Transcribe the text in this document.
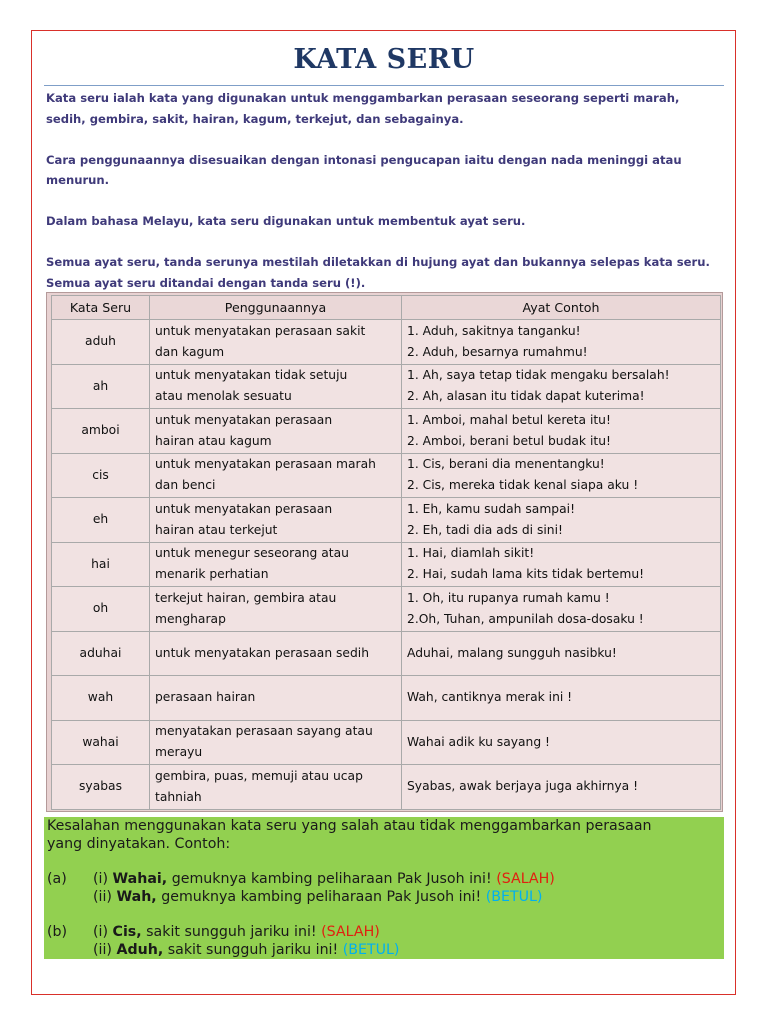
KATA SERU

Kata seru ialah kata yang digunakan untuk menggambarkan perasaan seseorang seperti marah, sedih, gembira, sakit, hairan, kagum, terkejut, dan sebagainya.

Cara penggunaannya disesuaikan dengan intonasi pengucapan iaitu dengan nada meninggi atau menurun.

Dalam bahasa Melayu, kata seru digunakan untuk membentuk ayat seru.

Semua ayat seru, tanda serunya mestilah diletakkan di hujung ayat dan bukannya selepas kata seru. Semua ayat seru ditandai dengan tanda seru (!).

Kata Seru	Penggunaannya	Ayat Contoh
aduh	untuk menyatakan perasaan sakit
dan kagum	1. Aduh, sakitnya tanganku!
2. Aduh, besarnya rumahmu!

ah	untuk menyatakan tidak setuju
atau menolak sesuatu	1. Ah, saya tetap tidak mengaku bersalah!
2. Ah, alasan itu tidak dapat kuterima!

amboi	untuk menyatakan perasaan
hairan atau kagum	1. Amboi, mahal betul kereta itu!
2. Amboi, berani betul budak itu!

cis	untuk menyatakan perasaan marah
dan benci	1. Cis, berani dia menentangku!
2. Cis, mereka tidak kenal siapa aku !

eh	untuk menyatakan perasaan
hairan atau terkejut	1. Eh, kamu sudah sampai!
2. Eh, tadi dia ads di sini!

hai	untuk menegur seseorang atau
menarik perhatian	1. Hai, diamlah sikit!
2. Hai, sudah lama kits tidak bertemu!

oh	terkejut hairan, gembira atau
mengharap	1. Oh, itu rupanya rumah kamu !
2.Oh, Tuhan, ampunilah dosa-dosaku !

aduhai	untuk menyatakan perasaan sedih	Aduhai, malang sungguh nasibku!

wah	perasaan hairan	Wah, cantiknya merak ini !

wahai	menyatakan perasaan sayang atau
merayu	Wahai adik ku sayang !

syabas	gembira, puas, memuji atau ucap
tahniah	Syabas, awak berjaya juga akhirnya !
Kesalahan menggunakan kata seru yang salah atau tidak menggambarkan perasaan
yang dinyatakan. Contoh:
(a) (i) Wahai, gemuknya kambing peliharaan Pak Jusoh ini! (SALAH)
(ii) Wah, gemuknya kambing peliharaan Pak Jusoh ini! (BETUL)
(b) (i) Cis, sakit sungguh jariku ini! (SALAH)
(ii) Aduh, sakit sungguh jariku ini! (BETUL)
